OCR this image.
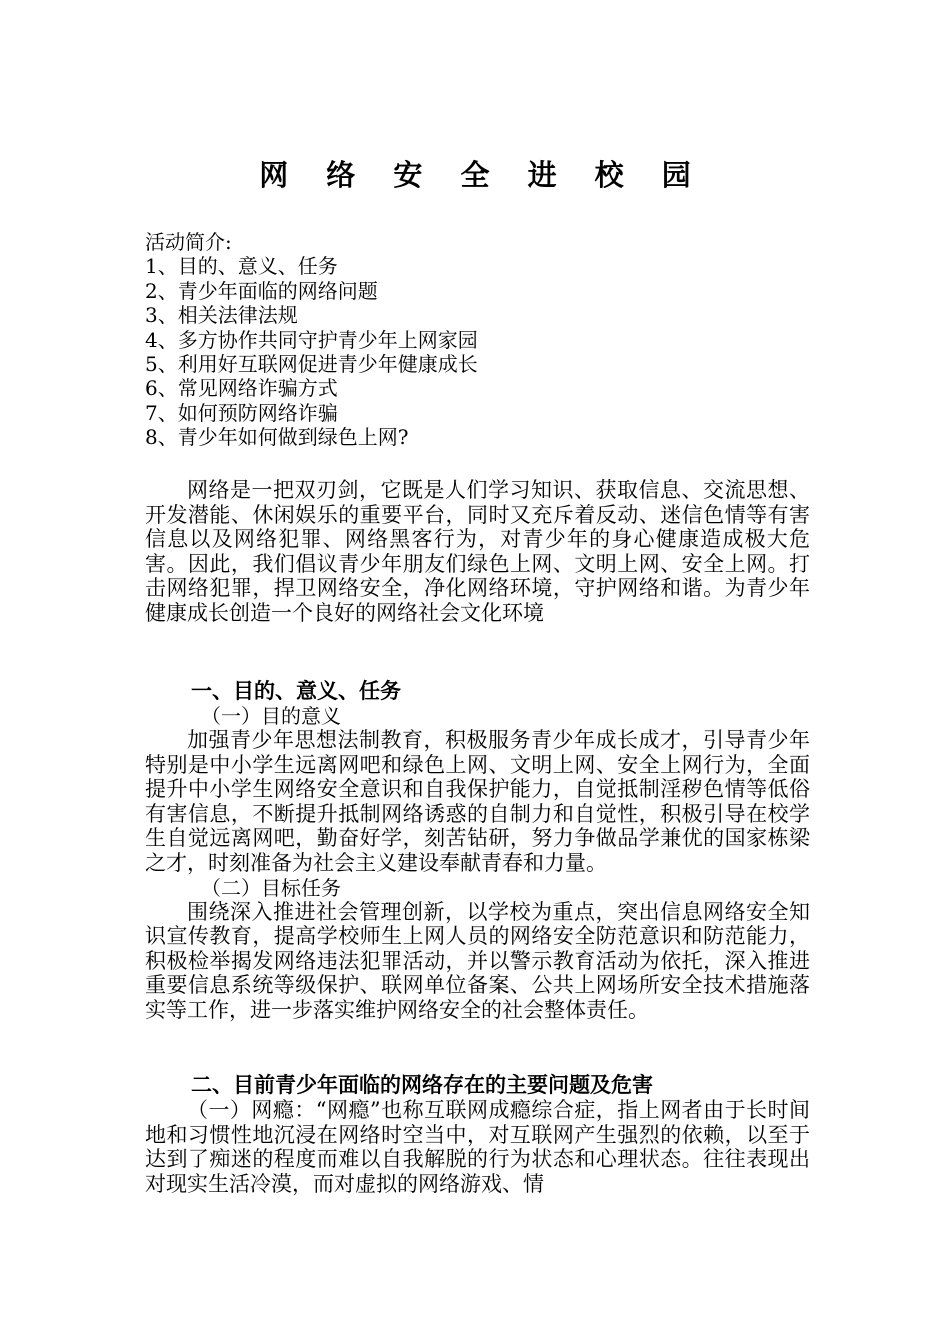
网 络 安 全 进 校 园
活动简介:
1、目的、意义、任务
2、青少年面临的网络问题
3、相关法律法规
4、多方协作共同守护青少年上网家园
5、利用好互联网促进青少年健康成长
6、常见网络诈骗方式
7、如何预防网络诈骗
8、青少年如何做到绿色上网?

网络是一把双刃剑，它既是人们学习知识、获取信息、交流思想、开发潜能、休闲娱乐的重要平台，同时又充斥着反动、迷信色情等有害信息以及网络犯罪、网络黑客行为，对青少年的身心健康造成极大危害。因此，我们倡议青少年朋友们绿色上网、文明上网、安全上网。打击网络犯罪，捍卫网络安全，净化网络环境，守护网络和谐。为青少年健康成长创造一个良好的网络社会文化环境

一、目的、意义、任务
（一）目的意义

加强青少年思想法制教育，积极服务青少年成长成才，引导青少年特别是中小学生远离网吧和绿色上网、文明上网、安全上网行为，全面提升中小学生网络安全意识和自我保护能力，自觉抵制淫秽色情等低俗有害信息，不断提升抵制网络诱惑的自制力和自觉性，积极引导在校学生自觉远离网吧，勤奋好学，刻苦钻研，努力争做品学兼优的国家栋梁之才，时刻准备为社会主义建设奉献青春和力量。

（二）目标任务

围绕深入推进社会管理创新，以学校为重点，突出信息网络安全知识宣传教育，提高学校师生上网人员的网络安全防范意识和防范能力，积极检举揭发网络违法犯罪活动，并以警示教育活动为依托，深入推进重要信息系统等级保护、联网单位备案、公共上网场所安全技术措施落实等工作，进一步落实维护网络安全的社会整体责任。

二、目前青少年面临的网络存在的主要问题及危害

（一）网瘾：“网瘾”也称互联网成瘾综合症，指上网者由于长时间地和习惯性地沉浸在网络时空当中，对互联网产生强烈的依赖，以至于达到了痴迷的程度而难以自我解脱的行为状态和心理状态。往往表现出对现实生活冷漠，而对虚拟的网络游戏、情
